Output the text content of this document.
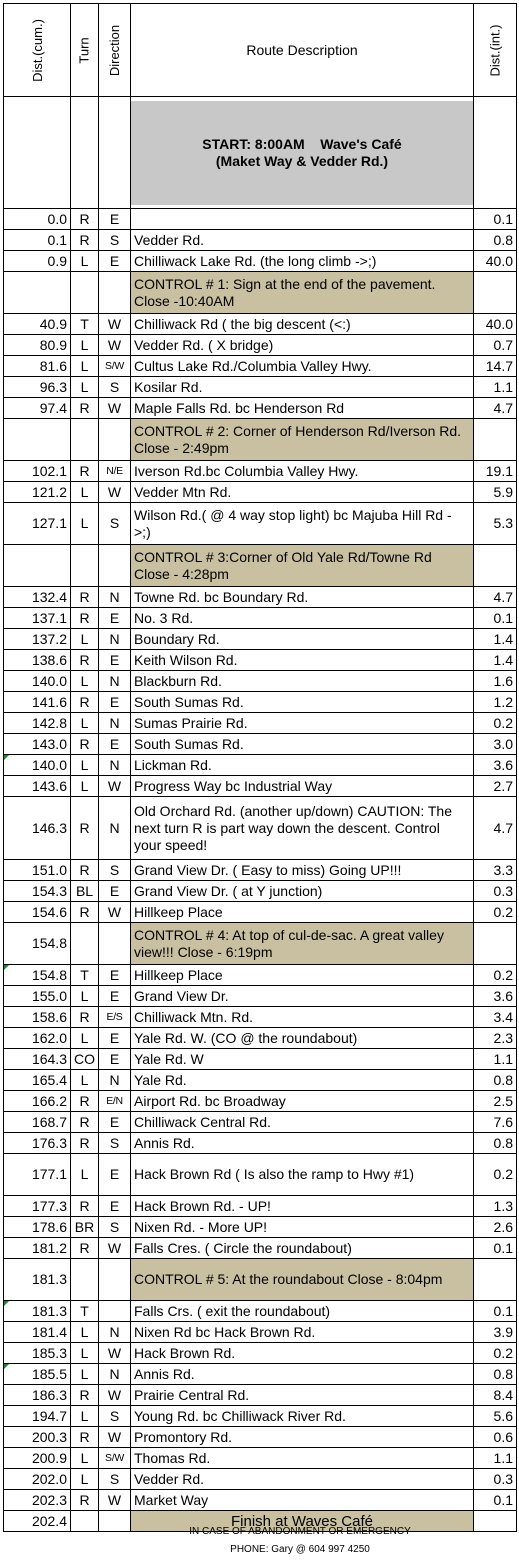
Dist.(cum.)	Turn	Direction	Route Description	Dist.(int.)

			START: 8:00AM    Wave's Café
(Maket Way & Vedder Rd.)	

0.0	R	E		0.1
0.1	R	S	Vedder Rd.	0.8
0.9	L	E	Chilliwack Lake Rd. (the long climb ->;)	40.0
			CONTROL # 1: Sign at the end of the pavement. Close -10:40AM	
40.9	T	W	Chilliwack Rd ( the big descent (<:)	40.0
80.9	L	W	Vedder Rd. ( X bridge)	0.7
81.6	L	S/W	Cultus Lake Rd./Columbia Valley Hwy.	14.7
96.3	L	S	Kosilar Rd.	1.1
97.4	R	W	Maple Falls Rd. bc Henderson Rd	4.7
			CONTROL # 2: Corner of Henderson Rd/Iverson Rd. Close - 2:49pm	
102.1	R	N/E	Iverson Rd.bc Columbia Valley Hwy.	19.1
121.2	L	W	Vedder Mtn Rd.	5.9
127.1	L	S	Wilson Rd.( @ 4 way stop light) bc Majuba Hill Rd - >;)	5.3
			CONTROL # 3:Corner of Old Yale Rd/Towne Rd Close - 4:28pm	
132.4	R	N	Towne Rd. bc Boundary Rd.	4.7
137.1	R	E	No. 3 Rd.	0.1
137.2	L	N	Boundary Rd.	1.4
138.6	R	E	Keith Wilson Rd.	1.4
140.0	L	N	Blackburn Rd.	1.6
141.6	R	E	South Sumas Rd.	1.2
142.8	L	N	Sumas Prairie Rd.	0.2
143.0	R	E	South Sumas Rd.	3.0

140.0	L	N	Lickman Rd.	3.6
143.6	L	W	Progress Way bc Industrial Way	2.7
146.3	R	N	Old Orchard Rd. (another up/down) CAUTION: The next turn R is part way down the descent. Control your speed!	4.7
151.0	R	S	Grand View Dr. ( Easy to miss) Going UP!!!	3.3
154.3	BL	E	Grand View Dr. ( at Y junction)	0.3
154.6	R	W	Hillkeep Place	0.2
154.8			CONTROL # 4: At top of cul-de-sac. A great valley view!!! Close - 6:19pm	

154.8	T	E	Hillkeep Place	0.2
155.0	L	E	Grand View Dr.	3.6
158.6	R	E/S	Chilliwack Mtn. Rd.	3.4
162.0	L	E	Yale Rd. W. (CO @ the roundabout)	2.3
164.3	CO	E	Yale Rd. W	1.1
165.4	L	N	Yale Rd.	0.8
166.2	R	E/N	Airport Rd. bc Broadway	2.5
168.7	R	E	Chilliwack Central Rd.	7.6
176.3	R	S	Annis Rd.	0.8
177.1	L	E	Hack Brown Rd ( Is also the ramp to Hwy #1)	0.2
177.3	R	E	Hack Brown Rd. - UP!	1.3
178.6	BR	S	Nixen Rd. - More UP!	2.6
181.2	R	W	Falls Cres. ( Circle the roundabout)	0.1
181.3			CONTROL # 5: At the roundabout Close - 8:04pm	

181.3	T		Falls Crs. ( exit the roundabout)	0.1
181.4	L	N	Nixen Rd bc Hack Brown Rd.	3.9
185.3	L	W	Hack Brown Rd.	0.2

185.5	L	N	Annis Rd.	0.8
186.3	R	W	Prairie Central Rd.	8.4
194.7	L	S	Young Rd. bc Chilliwack River Rd.	5.6
200.3	R	W	Promontory Rd.	0.6
200.9	L	S/W	Thomas Rd.	1.1
202.0	L	S	Vedder Rd.	0.3
202.3	R	W	Market Way	0.1
202.4			Finish at Waves Café	
IN CASE OF ABANDONMENT OR EMERGENCY
PHONE: Gary @ 604 997 4250
